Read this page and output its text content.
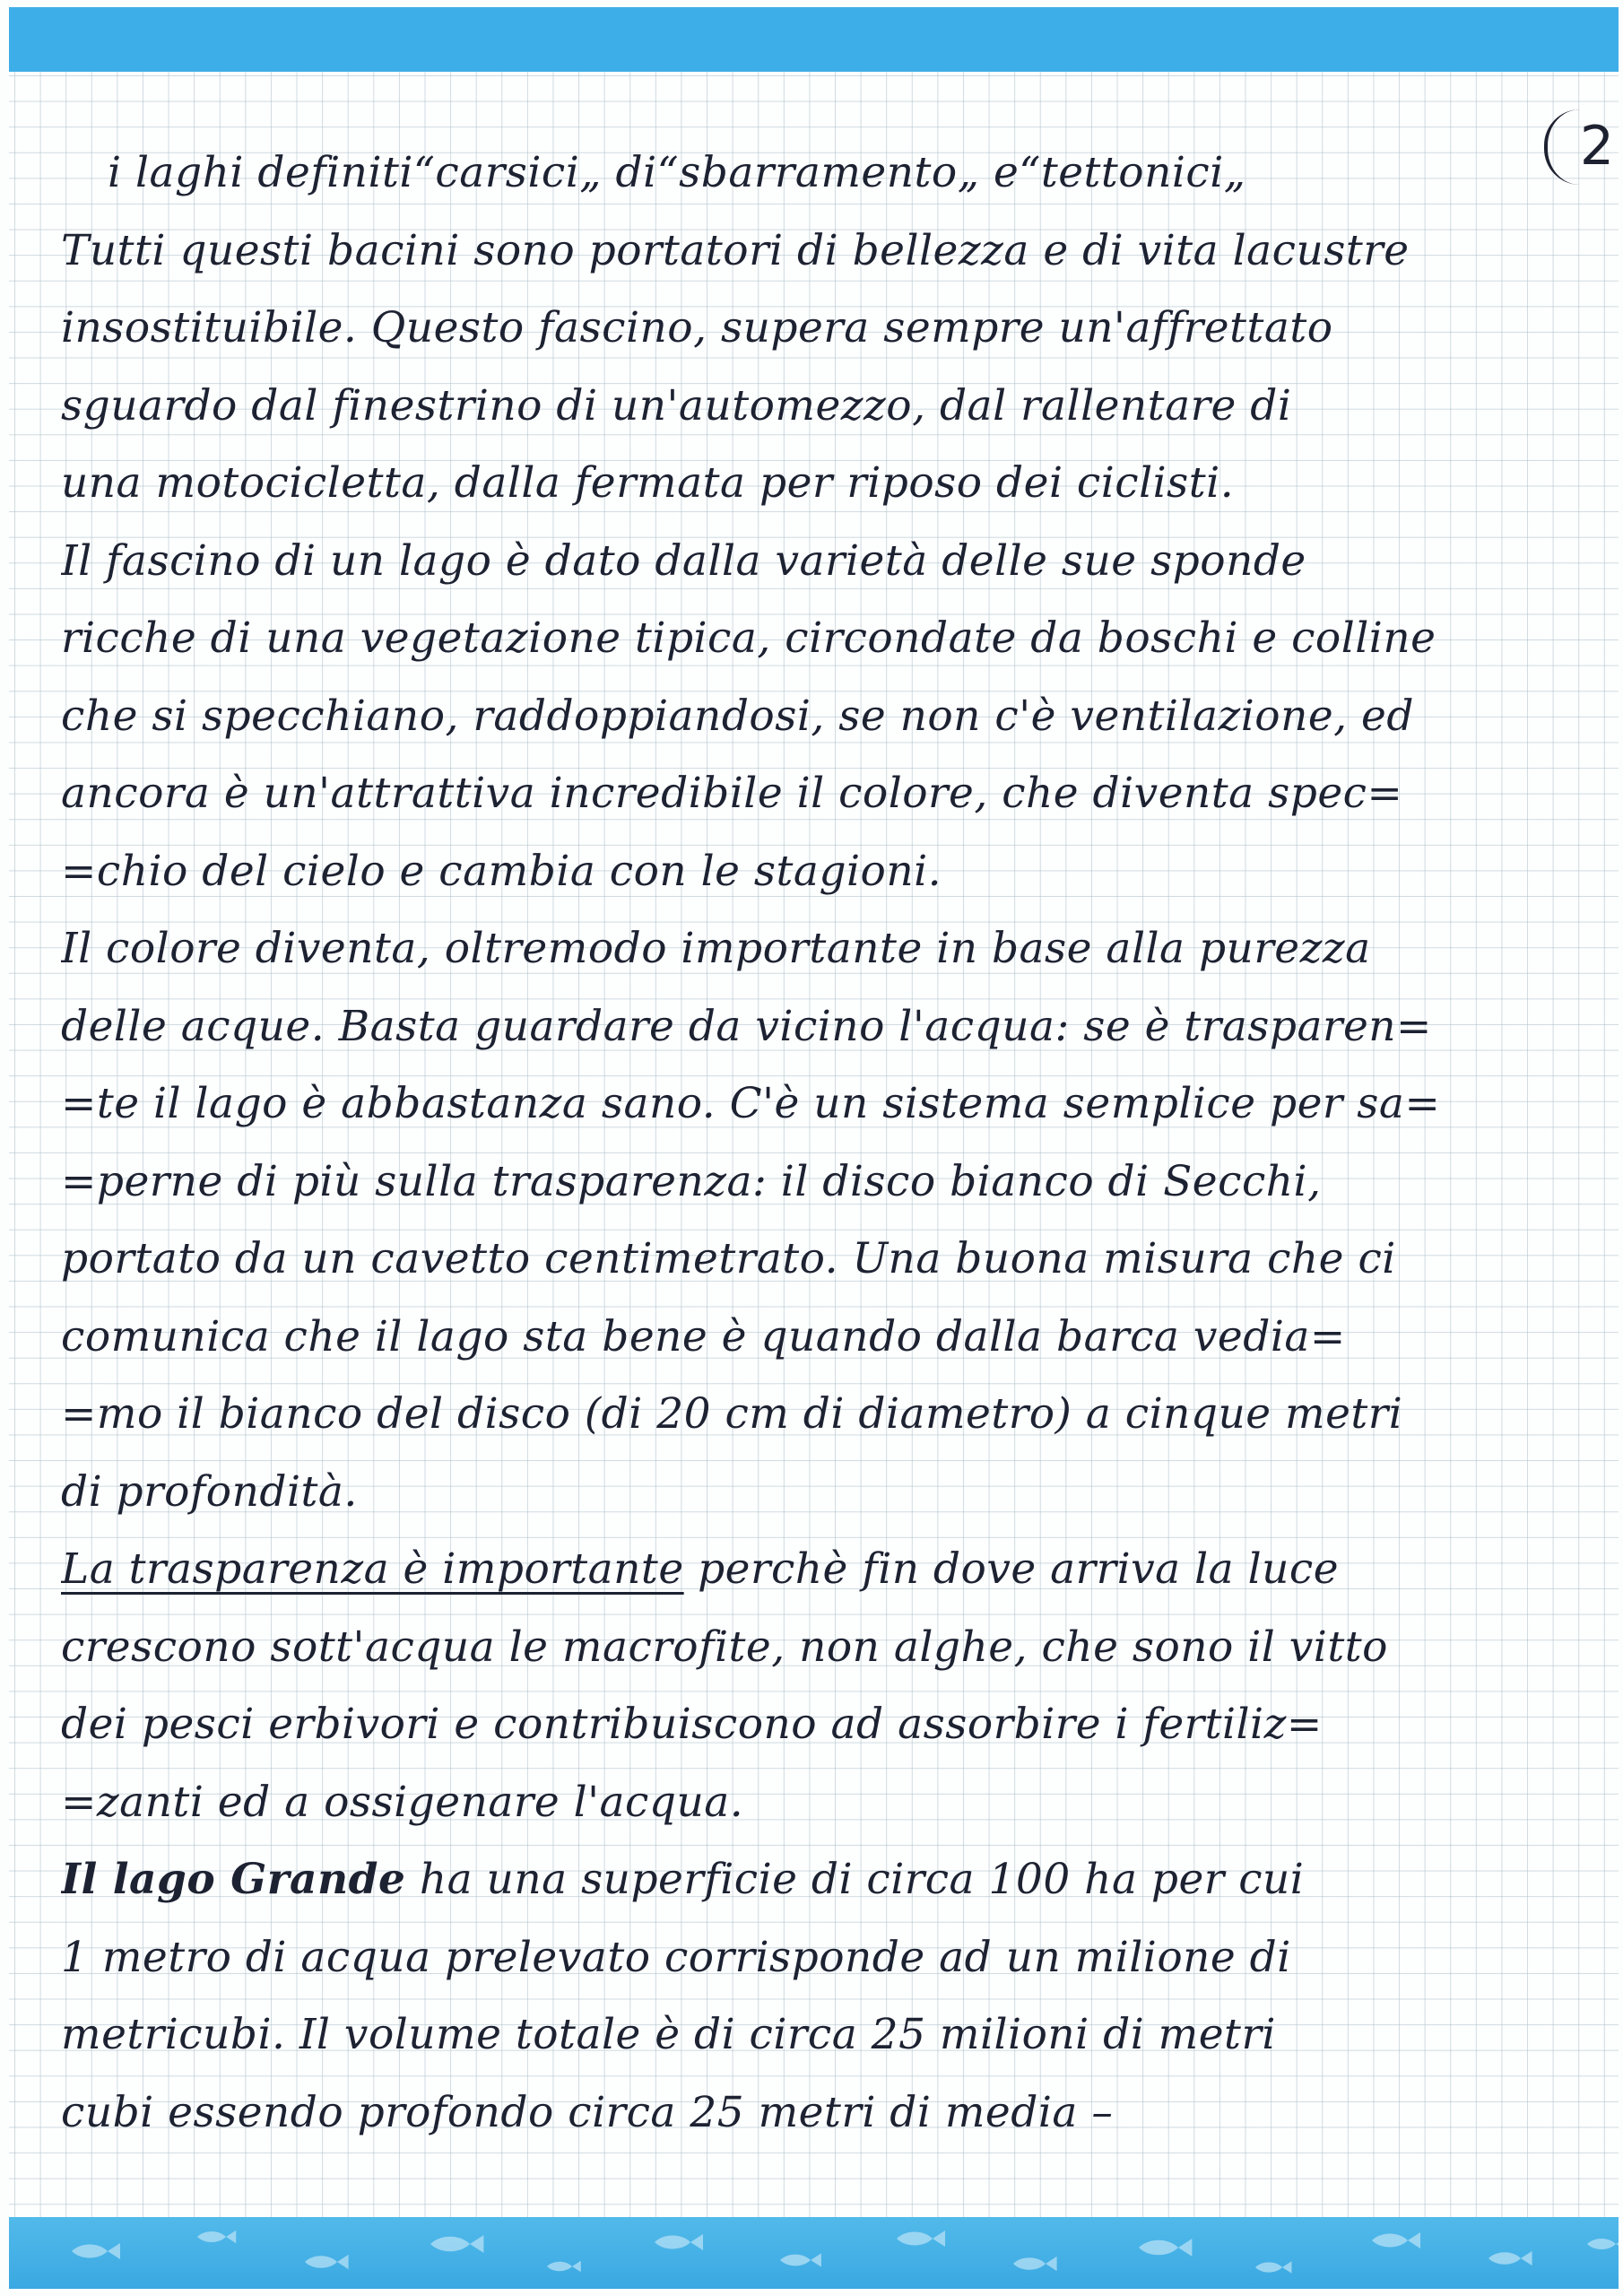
2
i laghi definiti“carsici„ di“sbarramento„ e“tettonici„
Tutti questi bacini sono portatori di bellezza e di vita lacustre
insostituibile. Questo fascino, supera sempre un'affrettato
sguardo dal finestrino di un'automezzo, dal rallentare di
una motocicletta, dalla fermata per riposo dei ciclisti.
Il fascino di un lago è dato dalla varietà delle sue sponde
ricche di una vegetazione tipica, circondate da boschi e colline
che si specchiano, raddoppiandosi, se non c'è ventilazione, ed
ancora è un'attrattiva incredibile il colore, che diventa spec=
=chio del cielo e cambia con le stagioni.
Il colore diventa, oltremodo importante in base alla purezza
delle acque. Basta guardare da vicino l'acqua: se è trasparen=
=te il lago è abbastanza sano. C'è un sistema semplice per sa=
=perne di più sulla trasparenza: il disco bianco di Secchi,
portato da un cavetto centimetrato. Una buona misura che ci
comunica che il lago sta bene è quando dalla barca vedia=
=mo il bianco del disco (di 20 cm di diametro) a cinque metri
di profondità.
La trasparenza è importante perchè fin dove arriva la luce
crescono sott'acqua le macrofite, non alghe, che sono il vitto
dei pesci erbivori e contribuiscono ad assorbire i fertiliz=
=zanti ed a ossigenare l'acqua.
Il lago Grande ha una superficie di circa 100 ha per cui
1 metro di acqua prelevato corrisponde ad un milione di
metricubi. Il volume totale è di circa 25 milioni di metri
cubi essendo profondo circa 25 metri di media –
